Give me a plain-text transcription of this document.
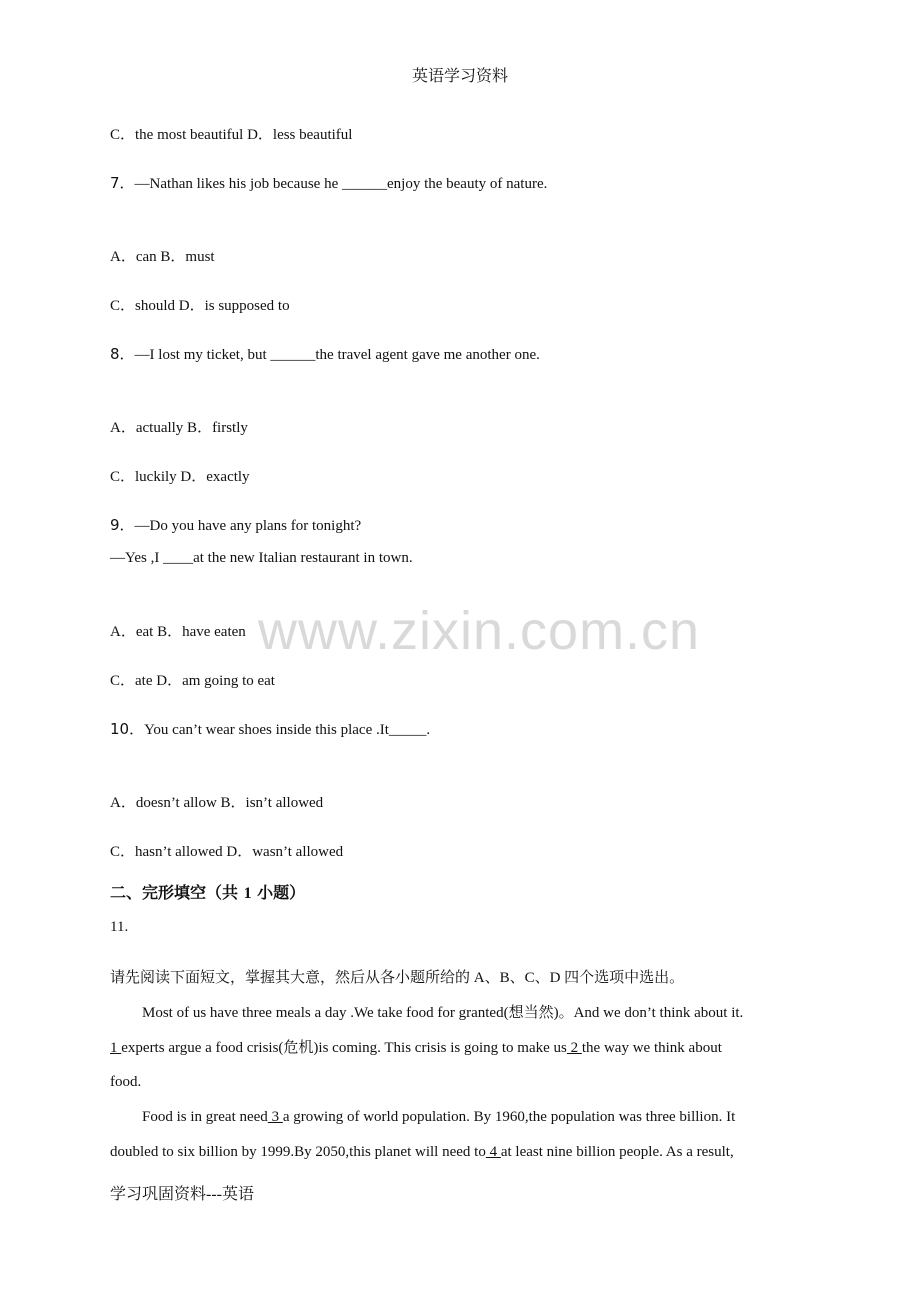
英语学习资料
C．the most beautiful D．less beautiful
7．—Nathan likes his job because he ______enjoy the beauty of nature.
A．can B．must
C．should D．is supposed to
8．—I lost my ticket, but ______the travel agent gave me another one.
A．actually B．firstly
C．luckily D．exactly
9．—Do you have any plans for tonight?
—Yes ,I ____at the new Italian restaurant in town.
A．eat B．have eaten
C．ate D．am going to eat
10．You can’t wear shoes inside this place .It_____.
A．doesn’t allow B．isn’t allowed
C．hasn’t allowed D．wasn’t allowed
二、完形填空（共 1 小题）
11.
请先阅读下面短文，掌握其大意，然后从各小题所给的 A、B、C、D 四个选项中选出。
Most of us have three meals a day .We take food for granted(想当然)。And we don’t think about it.
1 experts argue a food crisis(危机)is coming. This crisis is going to make us 2 the way we think about
food.
Food is in great need 3 a growing of world population. By 1960,the population was three billion. It
doubled to six billion by 1999.By 2050,this planet will need to 4 at least nine billion people. As a result,
学习巩固资料---英语
www.zixin.com.cn
